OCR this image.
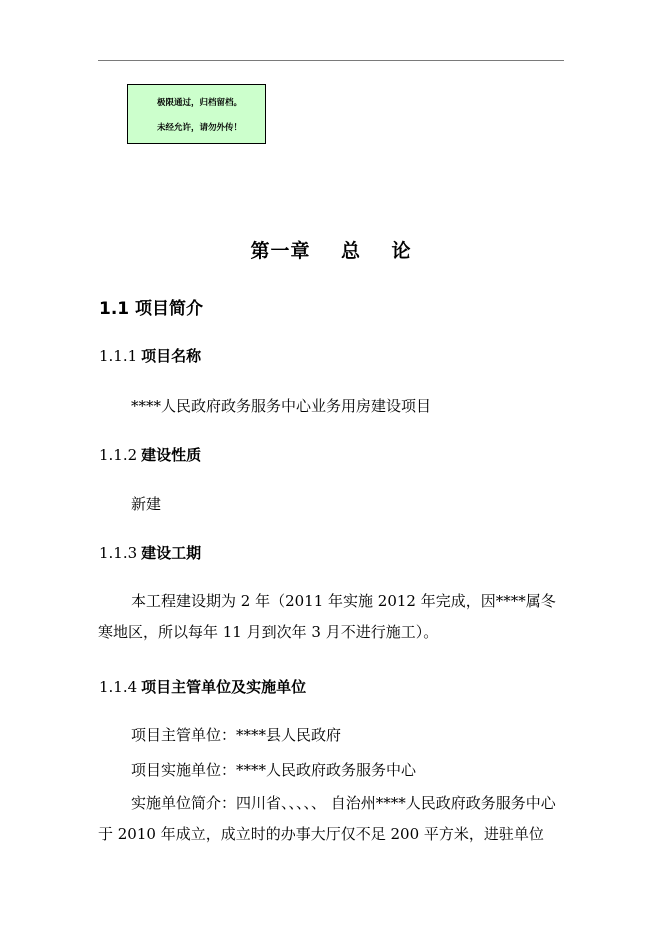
极限通过，归档留档。
未经允许，请勿外传！
第一章    总    论
1.1 项目简介
1.1.1 项目名称
****人民政府政务服务中心业务用房建设项目
1.1.2 建设性质
新建
1.1.3 建设工期
本工程建设期为 2 年（2011 年实施 2012 年完成，因****属冬寒地区，所以每年 11 月到次年 3 月不进行施工）。
1.1.4 项目主管单位及实施单位
项目主管单位：****县人民政府
项目实施单位：****人民政府政务服务中心
实施单位简介：四川省、、、、、 自治州****人民政府政务服务中心于 2010 年成立，成立时的办事大厅仅不足 200 平方米，进驻单位
